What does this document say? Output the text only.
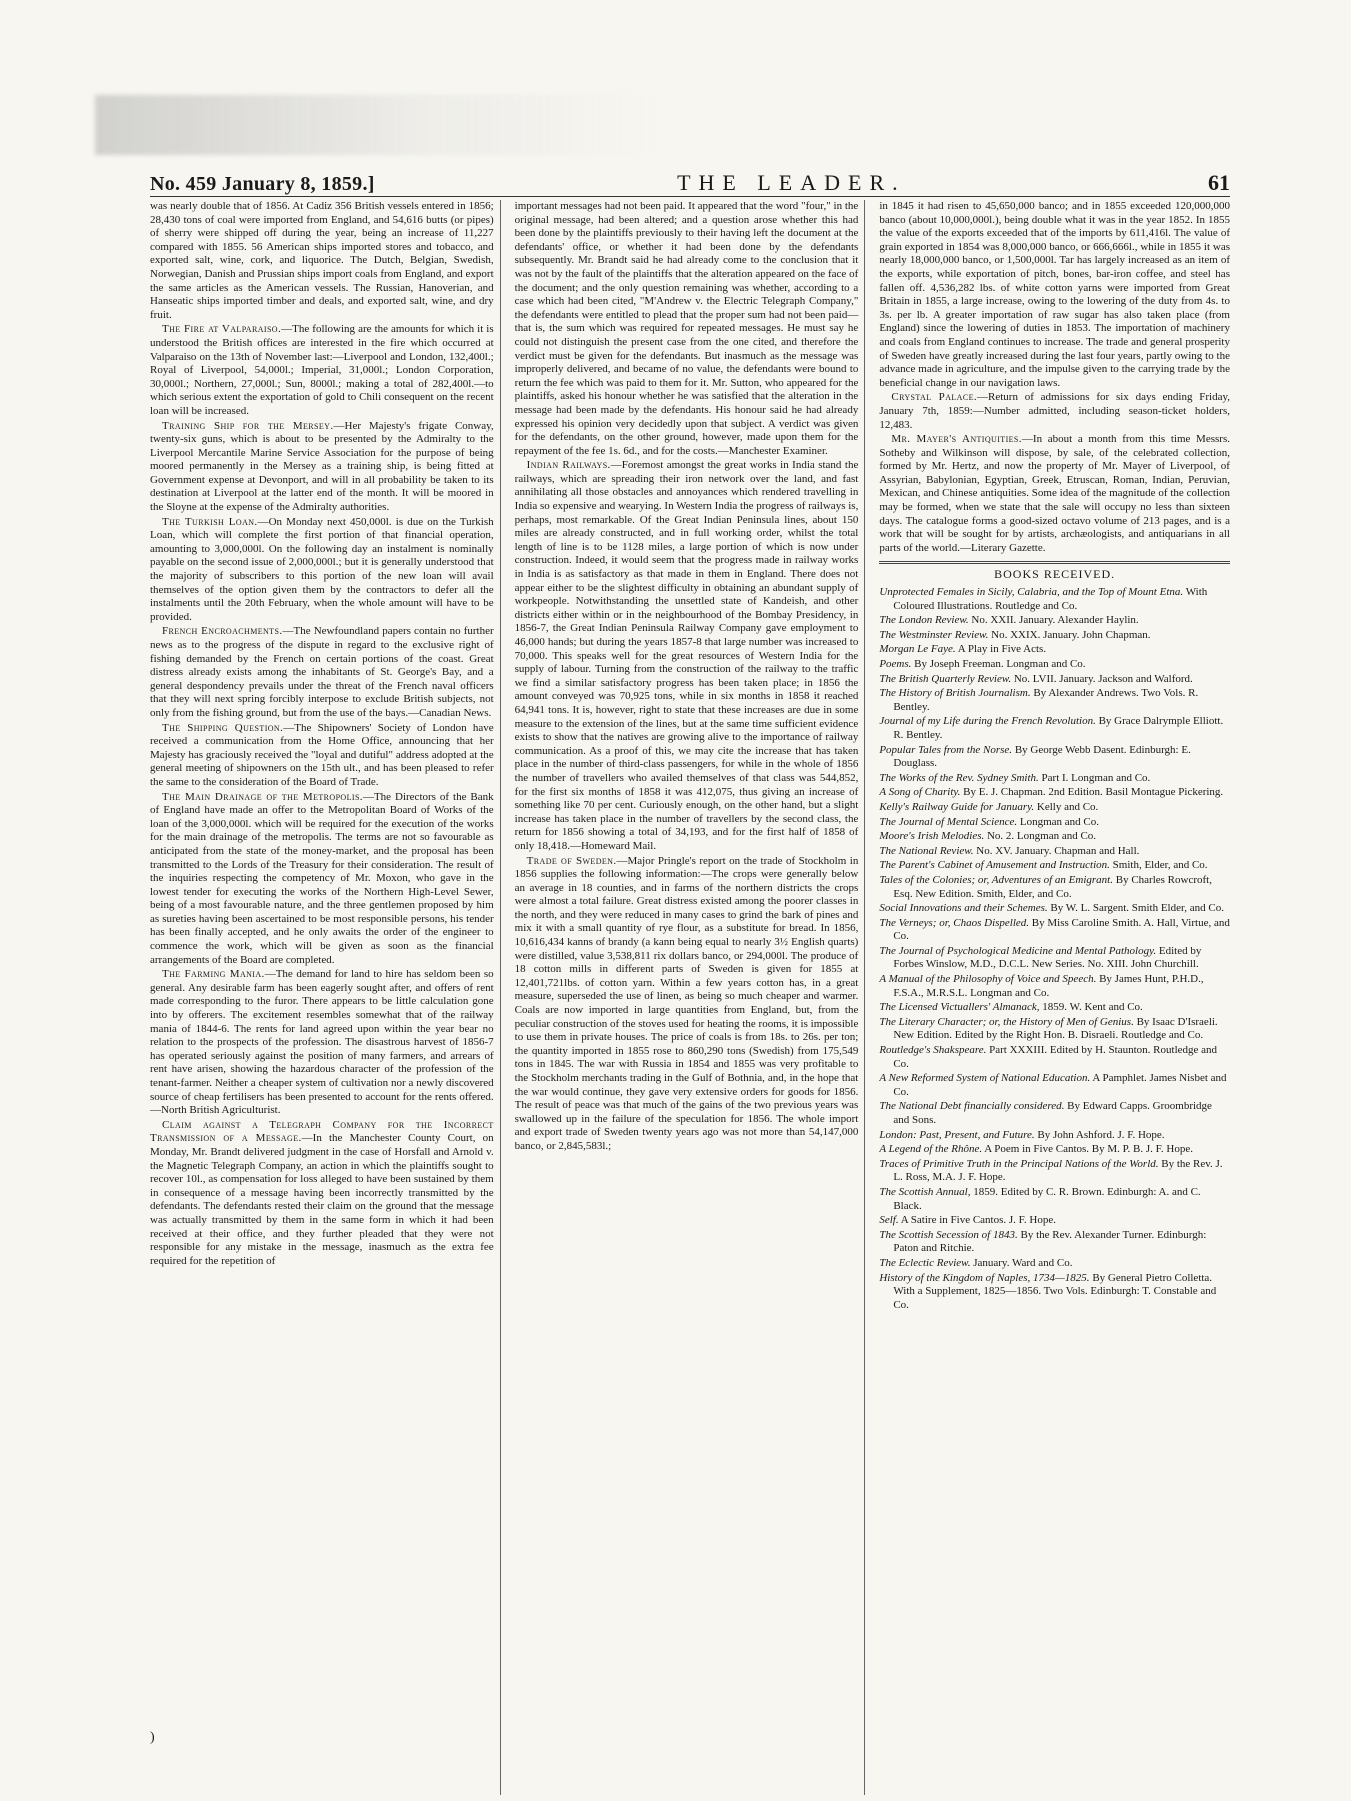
No. 459 January 8, 1859.]	THE LEADER.	61

was nearly double that of 1856. At Cadiz 356 British vessels entered in 1856; 28,430 tons of coal were imported from England, and 54,616 butts (or pipes) of sherry were shipped off during the year, being an increase of 11,227 compared with 1855. 56 American ships imported stores and tobacco, and exported salt, wine, cork, and liquorice. The Dutch, Belgian, Swedish, Norwegian, Danish and Prussian ships import coals from England, and export the same articles as the American vessels. The Russian, Hanoverian, and Hanseatic ships imported timber and deals, and exported salt, wine, and dry fruit.

The Fire at Valparaiso.—The following are the amounts for which it is understood the British offices are interested in the fire which occurred at Valparaiso on the 13th of November last:—Liverpool and London, 132,400l.; Royal of Liverpool, 54,000l.; Imperial, 31,000l.; London Corporation, 30,000l.; Northern, 27,000l.; Sun, 8000l.; making a total of 282,400l.—to which serious extent the exportation of gold to Chili consequent on the recent loan will be increased.

Training Ship for the Mersey.—Her Majesty's frigate Conway, twenty-six guns, which is about to be presented by the Admiralty to the Liverpool Mercantile Marine Service Association for the purpose of being moored permanently in the Mersey as a training ship, is being fitted at Government expense at Devonport, and will in all probability be taken to its destination at Liverpool at the latter end of the month. It will be moored in the Sloyne at the expense of the Admiralty authorities.

The Turkish Loan.—On Monday next 450,000l. is due on the Turkish Loan, which will complete the first portion of that financial operation, amounting to 3,000,000l. On the following day an instalment is nominally payable on the second issue of 2,000,000l.; but it is generally understood that the majority of subscribers to this portion of the new loan will avail themselves of the option given them by the contractors to defer all the instalments until the 20th February, when the whole amount will have to be provided.

French Encroachments.—The Newfoundland papers contain no further news as to the progress of the dispute in regard to the exclusive right of fishing demanded by the French on certain portions of the coast. Great distress already exists among the inhabitants of St. George's Bay, and a general despondency prevails under the threat of the French naval officers that they will next spring forcibly interpose to exclude British subjects, not only from the fishing ground, but from the use of the bays.—Canadian News.

The Shipping Question.—The Shipowners' Society of London have received a communication from the Home Office, announcing that her Majesty has graciously received the "loyal and dutiful" address adopted at the general meeting of shipowners on the 15th ult., and has been pleased to refer the same to the consideration of the Board of Trade.

The Main Drainage of the Metropolis.—The Directors of the Bank of England have made an offer to the Metropolitan Board of Works of the loan of the 3,000,000l. which will be required for the execution of the works for the main drainage of the metropolis. The terms are not so favourable as anticipated from the state of the money-market, and the proposal has been transmitted to the Lords of the Treasury for their consideration. The result of the inquiries respecting the competency of Mr. Moxon, who gave in the lowest tender for executing the works of the Northern High-Level Sewer, being of a most favourable nature, and the three gentlemen proposed by him as sureties having been ascertained to be most responsible persons, his tender has been finally accepted, and he only awaits the order of the engineer to commence the work, which will be given as soon as the financial arrangements of the Board are completed.

The Farming Mania.—The demand for land to hire has seldom been so general. Any desirable farm has been eagerly sought after, and offers of rent made corresponding to the furor. There appears to be little calculation gone into by offerers. The excitement resembles somewhat that of the railway mania of 1844-6. The rents for land agreed upon within the year bear no relation to the prospects of the profession. The disastrous harvest of 1856-7 has operated seriously against the position of many farmers, and arrears of rent have arisen, showing the hazardous character of the profession of the tenant-farmer. Neither a cheaper system of cultivation nor a newly discovered source of cheap fertilisers has been presented to account for the rents offered.—North British Agriculturist.

Claim against a Telegraph Company for the Incorrect Transmission of a Message.—In the Manchester County Court, on Monday, Mr. Brandt delivered judgment in the case of Horsfall and Arnold v. the Magnetic Telegraph Company, an action in which the plaintiffs sought to recover 10l., as compensation for loss alleged to have been sustained by them in consequence of a message having been incorrectly transmitted by the defendants. The defendants rested their claim on the ground that the message was actually transmitted by them in the same form in which it had been received at their office, and they further pleaded that they were not responsible for any mistake in the message, inasmuch as the extra fee required for the repetition of

important messages had not been paid. It appeared that the word "four," in the original message, had been altered; and a question arose whether this had been done by the plaintiffs previously to their having left the document at the defendants' office, or whether it had been done by the defendants subsequently. Mr. Brandt said he had already come to the conclusion that it was not by the fault of the plaintiffs that the alteration appeared on the face of the document; and the only question remaining was whether, according to a case which had been cited, "M'Andrew v. the Electric Telegraph Company," the defendants were entitled to plead that the proper sum had not been paid—that is, the sum which was required for repeated messages. He must say he could not distinguish the present case from the one cited, and therefore the verdict must be given for the defendants. But inasmuch as the message was improperly delivered, and became of no value, the defendants were bound to return the fee which was paid to them for it. Mr. Sutton, who appeared for the plaintiffs, asked his honour whether he was satisfied that the alteration in the message had been made by the defendants. His honour said he had already expressed his opinion very decidedly upon that subject. A verdict was given for the defendants, on the other ground, however, made upon them for the repayment of the fee 1s. 6d., and for the costs.—Manchester Examiner.

Indian Railways.—Foremost amongst the great works in India stand the railways, which are spreading their iron network over the land, and fast annihilating all those obstacles and annoyances which rendered travelling in India so expensive and wearying. In Western India the progress of railways is, perhaps, most remarkable. Of the Great Indian Peninsula lines, about 150 miles are already constructed, and in full working order, whilst the total length of line is to be 1128 miles, a large portion of which is now under construction. Indeed, it would seem that the progress made in railway works in India is as satisfactory as that made in them in England. There does not appear either to be the slightest difficulty in obtaining an abundant supply of workpeople. Notwithstanding the unsettled state of Kandeish, and other districts either within or in the neighbourhood of the Bombay Presidency, in 1856-7, the Great Indian Peninsula Railway Company gave employment to 46,000 hands; but during the years 1857-8 that large number was increased to 70,000. This speaks well for the great resources of Western India for the supply of labour. Turning from the construction of the railway to the traffic we find a similar satisfactory progress has been taken place; in 1856 the amount conveyed was 70,925 tons, while in six months in 1858 it reached 64,941 tons. It is, however, right to state that these increases are due in some measure to the extension of the lines, but at the same time sufficient evidence exists to show that the natives are growing alive to the importance of railway communication. As a proof of this, we may cite the increase that has taken place in the number of third-class passengers, for while in the whole of 1856 the number of travellers who availed themselves of that class was 544,852, for the first six months of 1858 it was 412,075, thus giving an increase of something like 70 per cent. Curiously enough, on the other hand, but a slight increase has taken place in the number of travellers by the second class, the return for 1856 showing a total of 34,193, and for the first half of 1858 of only 18,418.—Homeward Mail.

Trade of Sweden.—Major Pringle's report on the trade of Stockholm in 1856 supplies the following information:—The crops were generally below an average in 18 counties, and in farms of the northern districts the crops were almost a total failure. Great distress existed among the poorer classes in the north, and they were reduced in many cases to grind the bark of pines and mix it with a small quantity of rye flour, as a substitute for bread. In 1856, 10,616,434 kanns of brandy (a kann being equal to nearly 3½ English quarts) were distilled, value 3,538,811 rix dollars banco, or 294,000l. The produce of 18 cotton mills in different parts of Sweden is given for 1855 at 12,401,721lbs. of cotton yarn. Within a few years cotton has, in a great measure, superseded the use of linen, as being so much cheaper and warmer. Coals are now imported in large quantities from England, but, from the peculiar construction of the stoves used for heating the rooms, it is impossible to use them in private houses. The price of coals is from 18s. to 26s. per ton; the quantity imported in 1855 rose to 860,290 tons (Swedish) from 175,549 tons in 1845. The war with Russia in 1854 and 1855 was very profitable to the Stockholm merchants trading in the Gulf of Bothnia, and, in the hope that the war would continue, they gave very extensive orders for goods for 1856. The result of peace was that much of the gains of the two previous years was swallowed up in the failure of the speculation for 1856. The whole import and export trade of Sweden twenty years ago was not more than 54,147,000 banco, or 2,845,583l.;

in 1845 it had risen to 45,650,000 banco; and in 1855 exceeded 120,000,000 banco (about 10,000,000l.), being double what it was in the year 1852. In 1855 the value of the exports exceeded that of the imports by 611,416l. The value of grain exported in 1854 was 8,000,000 banco, or 666,666l., while in 1855 it was nearly 18,000,000 banco, or 1,500,000l. Tar has largely increased as an item of the exports, while exportation of pitch, bones, bar-iron coffee, and steel has fallen off. 4,536,282 lbs. of white cotton yarns were imported from Great Britain in 1855, a large increase, owing to the lowering of the duty from 4s. to 3s. per lb. A greater importation of raw sugar has also taken place (from England) since the lowering of duties in 1853. The importation of machinery and coals from England continues to increase. The trade and general prosperity of Sweden have greatly increased during the last four years, partly owing to the advance made in agriculture, and the impulse given to the carrying trade by the beneficial change in our navigation laws.

Crystal Palace.—Return of admissions for six days ending Friday, January 7th, 1859:—Number admitted, including season-ticket holders, 12,483.

Mr. Mayer's Antiquities.—In about a month from this time Messrs. Sotheby and Wilkinson will dispose, by sale, of the celebrated collection, formed by Mr. Hertz, and now the property of Mr. Mayer of Liverpool, of Assyrian, Babylonian, Egyptian, Greek, Etruscan, Roman, Indian, Peruvian, Mexican, and Chinese antiquities. Some idea of the magnitude of the collection may be formed, when we state that the sale will occupy no less than sixteen days. The catalogue forms a good-sized octavo volume of 213 pages, and is a work that will be sought for by artists, archæologists, and antiquarians in all parts of the world.—Literary Gazette.

BOOKS RECEIVED.
Unprotected Females in Sicily, Calabria, and the Top of Mount Etna. With Coloured Illustrations. Routledge and Co.
The London Review. No. XXII. January. Alexander Haylin.
The Westminster Review. No. XXIX. January. John Chapman.
Morgan Le Faye. A Play in Five Acts.
Poems. By Joseph Freeman. Longman and Co.
The British Quarterly Review. No. LVII. January. Jackson and Walford.
The History of British Journalism. By Alexander Andrews. Two Vols. R. Bentley.
Journal of my Life during the French Revolution. By Grace Dalrymple Elliott. R. Bentley.
Popular Tales from the Norse. By George Webb Dasent. Edinburgh: E. Douglass.
The Works of the Rev. Sydney Smith. Part I. Longman and Co.
A Song of Charity. By E. J. Chapman. 2nd Edition. Basil Montague Pickering.
Kelly's Railway Guide for January. Kelly and Co.
The Journal of Mental Science. Longman and Co.
Moore's Irish Melodies. No. 2. Longman and Co.
The National Review. No. XV. January. Chapman and Hall.
The Parent's Cabinet of Amusement and Instruction. Smith, Elder, and Co.
Tales of the Colonies; or, Adventures of an Emigrant. By Charles Rowcroft, Esq. New Edition. Smith, Elder, and Co.
Social Innovations and their Schemes. By W. L. Sargent. Smith Elder, and Co.
The Verneys; or, Chaos Dispelled. By Miss Caroline Smith. A. Hall, Virtue, and Co.
The Journal of Psychological Medicine and Mental Pathology. Edited by Forbes Winslow, M.D., D.C.L. New Series. No. XIII. John Churchill.
A Manual of the Philosophy of Voice and Speech. By James Hunt, P.H.D., F.S.A., M.R.S.L. Longman and Co.
The Licensed Victuallers' Almanack, 1859. W. Kent and Co.
The Literary Character; or, the History of Men of Genius. By Isaac D'Israeli. New Edition. Edited by the Right Hon. B. Disraeli. Routledge and Co.
Routledge's Shakspeare. Part XXXIII. Edited by H. Staunton. Routledge and Co.
A New Reformed System of National Education. A Pamphlet. James Nisbet and Co.
The National Debt financially considered. By Edward Capps. Groombridge and Sons.
London: Past, Present, and Future. By John Ashford. J. F. Hope.
A Legend of the Rhône. A Poem in Five Cantos. By M. P. B. J. F. Hope.
Traces of Primitive Truth in the Principal Nations of the World. By the Rev. J. L. Ross, M.A. J. F. Hope.
The Scottish Annual, 1859. Edited by C. R. Brown. Edinburgh: A. and C. Black.
Self. A Satire in Five Cantos. J. F. Hope.
The Scottish Secession of 1843. By the Rev. Alexander Turner. Edinburgh: Paton and Ritchie.
The Eclectic Review. January. Ward and Co.
History of the Kingdom of Naples, 1734—1825. By General Pietro Colletta. With a Supplement, 1825—1856. Two Vols. Edinburgh: T. Constable and Co.
)
